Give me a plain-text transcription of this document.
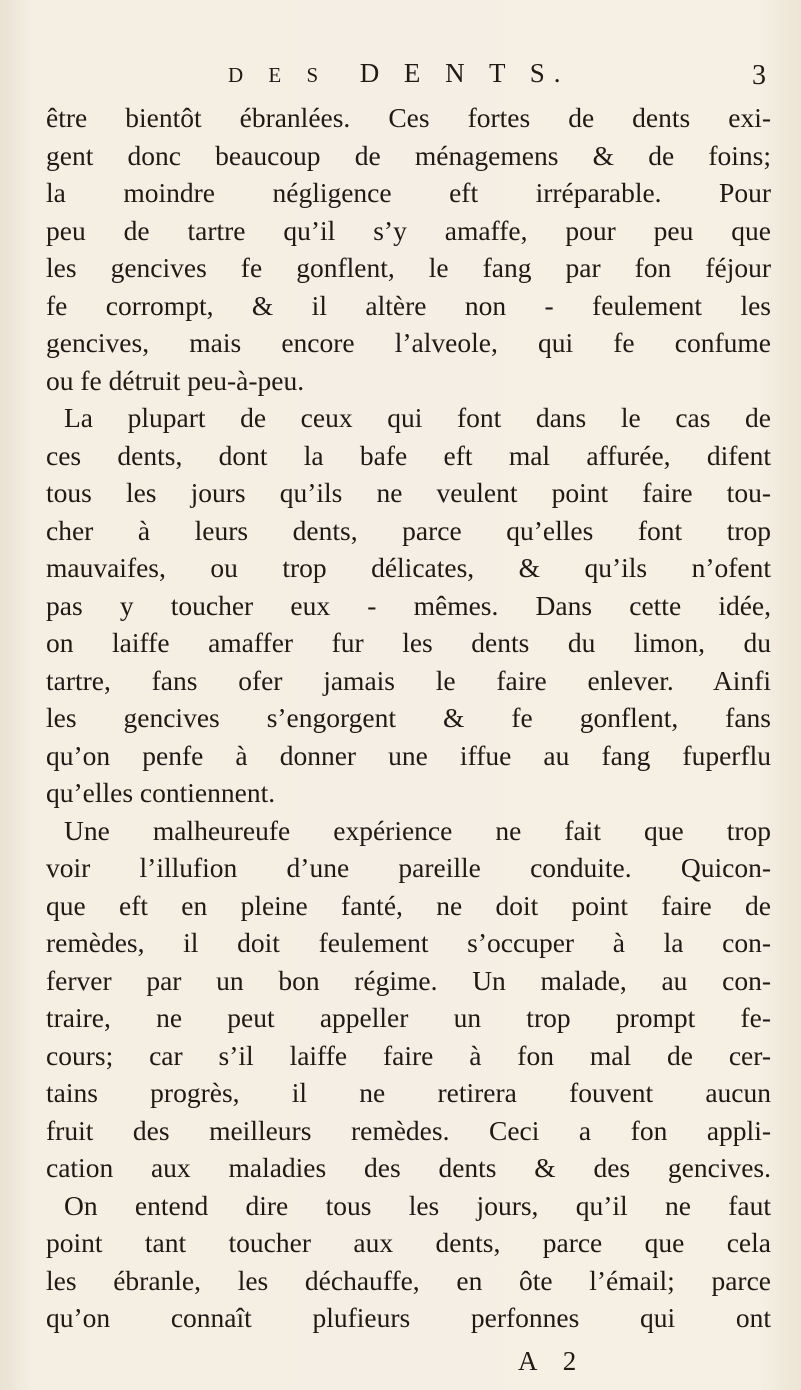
D E S D E N T S.	3
être bientôt ébranlées. Ces fortes de dents exi-
gent donc beaucoup de ménagemens & de foins;
la moindre négligence eft irréparable. Pour
peu de tartre qu’il s’y amaffe, pour peu que
les gencives fe gonflent, le fang par fon féjour
fe corrompt, & il altère non - feulement les
gencives, mais encore l’alveole, qui fe confume
ou fe détruit peu-à-peu.
La plupart de ceux qui font dans le cas de
ces dents, dont la bafe eft mal affurée, difent
tous les jours qu’ils ne veulent point faire tou-
cher à leurs dents, parce qu’elles font trop
mauvaifes, ou trop délicates, & qu’ils n’ofent
pas y toucher eux - mêmes. Dans cette idée,
on laiffe amaffer fur les dents du limon, du
tartre, fans ofer jamais le faire enlever. Ainfi
les gencives s’engorgent & fe gonflent, fans
qu’on penfe à donner une iffue au fang fuperflu
qu’elles contiennent.
Une malheureufe expérience ne fait que trop
voir l’illufion d’une pareille conduite. Quicon-
que eft en pleine fanté, ne doit point faire de
remèdes, il doit feulement s’occuper à la con-
ferver par un bon régime. Un malade, au con-
traire, ne peut appeller un trop prompt fe-
cours; car s’il laiffe faire à fon mal de cer-
tains progrès, il ne retirera fouvent aucun
fruit des meilleurs remèdes. Ceci a fon appli-
cation aux maladies des dents & des gencives.
On entend dire tous les jours, qu’il ne faut
point tant toucher aux dents, parce que cela
les ébranle, les déchauffe, en ôte l’émail; parce
qu’on connaît plufieurs perfonnes qui ont
A 2
